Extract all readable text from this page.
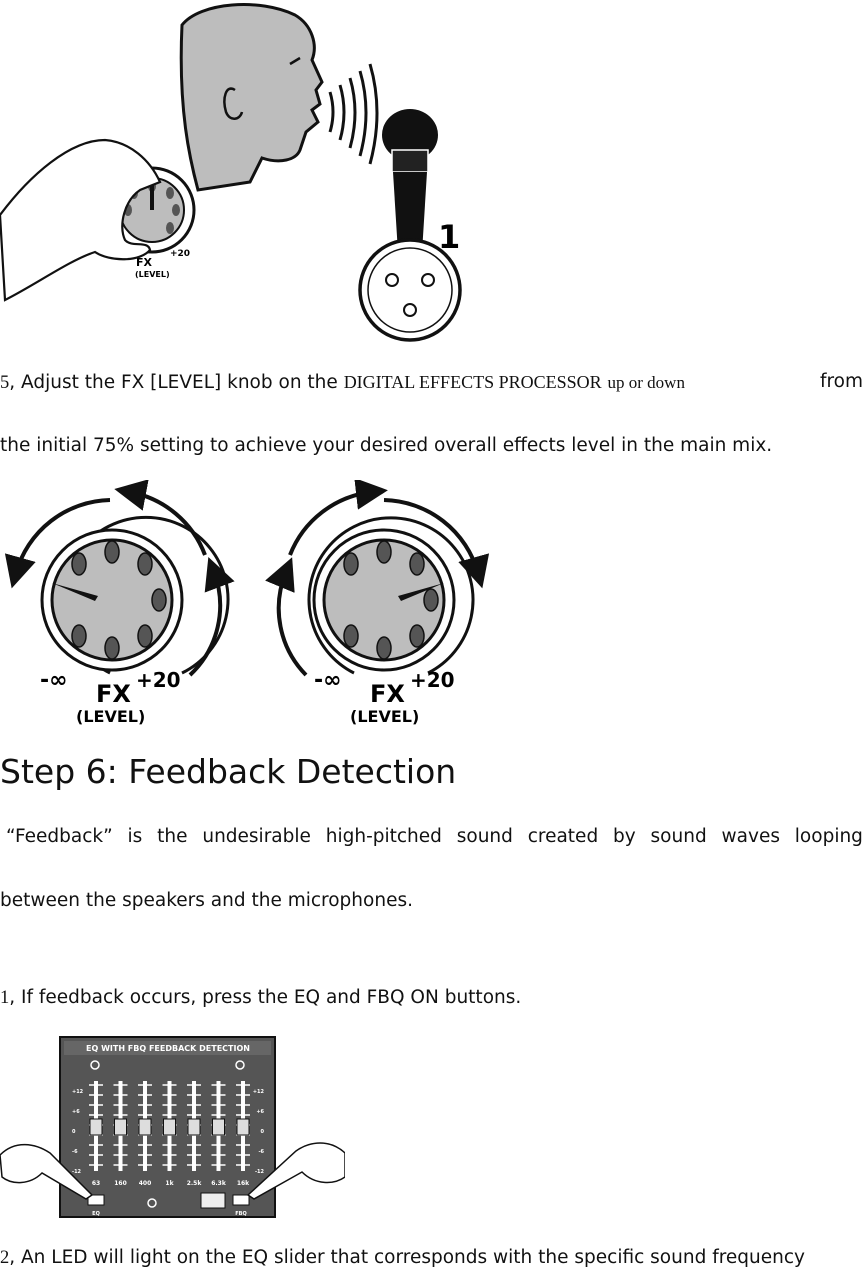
1
FX
(LEVEL)
+20
5, Adjust the FX [LEVEL] knob on the DIGITAL EFFECTS PROCESSOR up or down	from
the initial 75% setting to achieve your desired overall effects level in the main mix.
-∞	+20
FX
(LEVEL)
-∞	+20
FX
(LEVEL)
Step 6: Feedback Detection
“Feedback” is the undesirable high-pitched sound created by sound waves looping
between the speakers and the microphones.
1, If feedback occurs, press the EQ and FBQ ON buttons.
EQ WITH FBQ FEEDBACK DETECTION
63 160 400 1k 2.5k 6.3k 16k
+12
+6
0
-6
-12
+12
+6
0
-6
-12
EQ	FBQ
2, An LED will light on the EQ slider that corresponds with the specific sound frequency
